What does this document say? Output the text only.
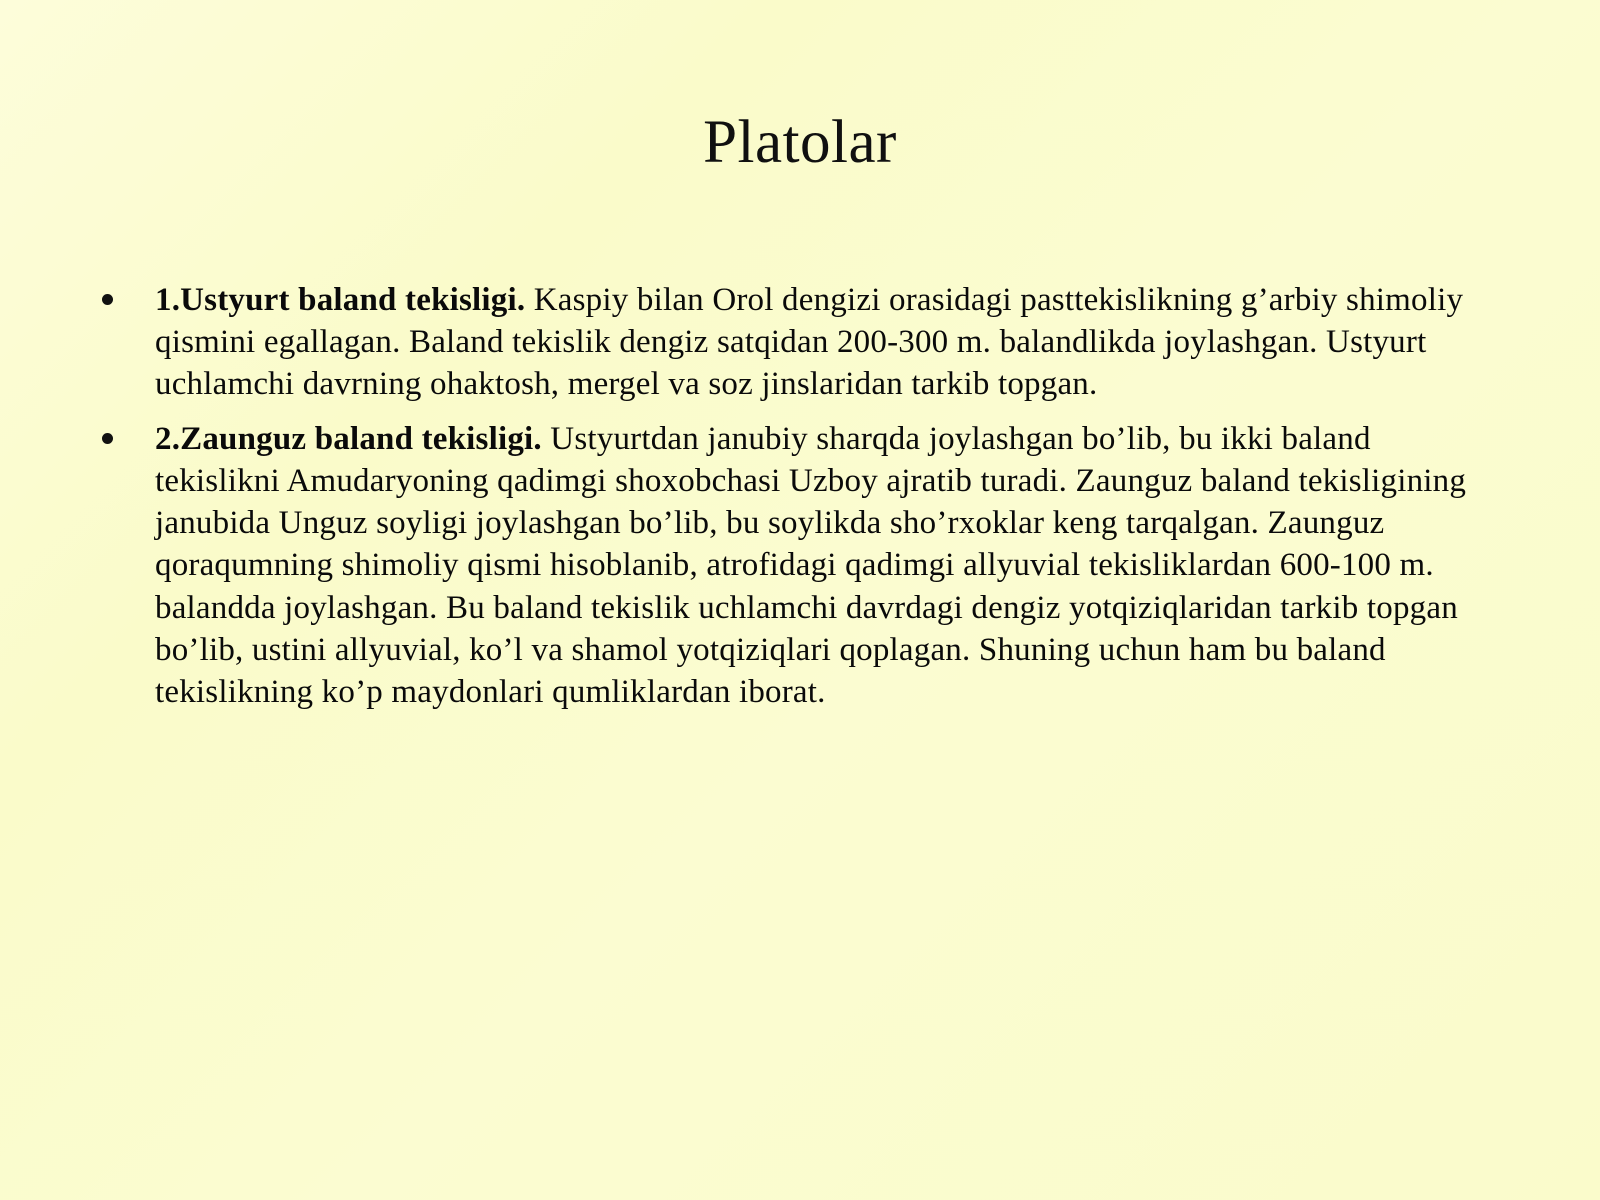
Platolar
1.Ustyurt baland tekisligi. Kaspiy bilan Orol dengizi orasidagi pasttekislikning g’arbiy shimoliy qismini egallagan. Baland tekislik dengiz satqidan 200-300 m. balandlikda joylashgan. Ustyurt uchlamchi davrning ohaktosh, mergel va soz jinslaridan tarkib topgan.
2.Zaunguz baland tekisligi. Ustyurtdan janubiy sharqda joylashgan bo’lib, bu ikki baland tekislikni Amudaryoning qadimgi shoxobchasi Uzboy ajratib turadi. Zaunguz baland tekisligining janubida Unguz soyligi joylashgan bo’lib, bu soylikda sho’rxoklar keng tarqalgan. Zaunguz qoraqumning shimoliy qismi hisoblanib, atrofidagi qadimgi allyuvial tekisliklardan 600-100 m. balandda joylashgan. Bu baland tekislik uchlamchi davrdagi dengiz yotqiziqlaridan tarkib topgan bo’lib, ustini allyuvial, ko’l va shamol yotqiziqlari qoplagan. Shuning uchun ham bu baland tekislikning ko’p maydonlari qumliklardan iborat.
